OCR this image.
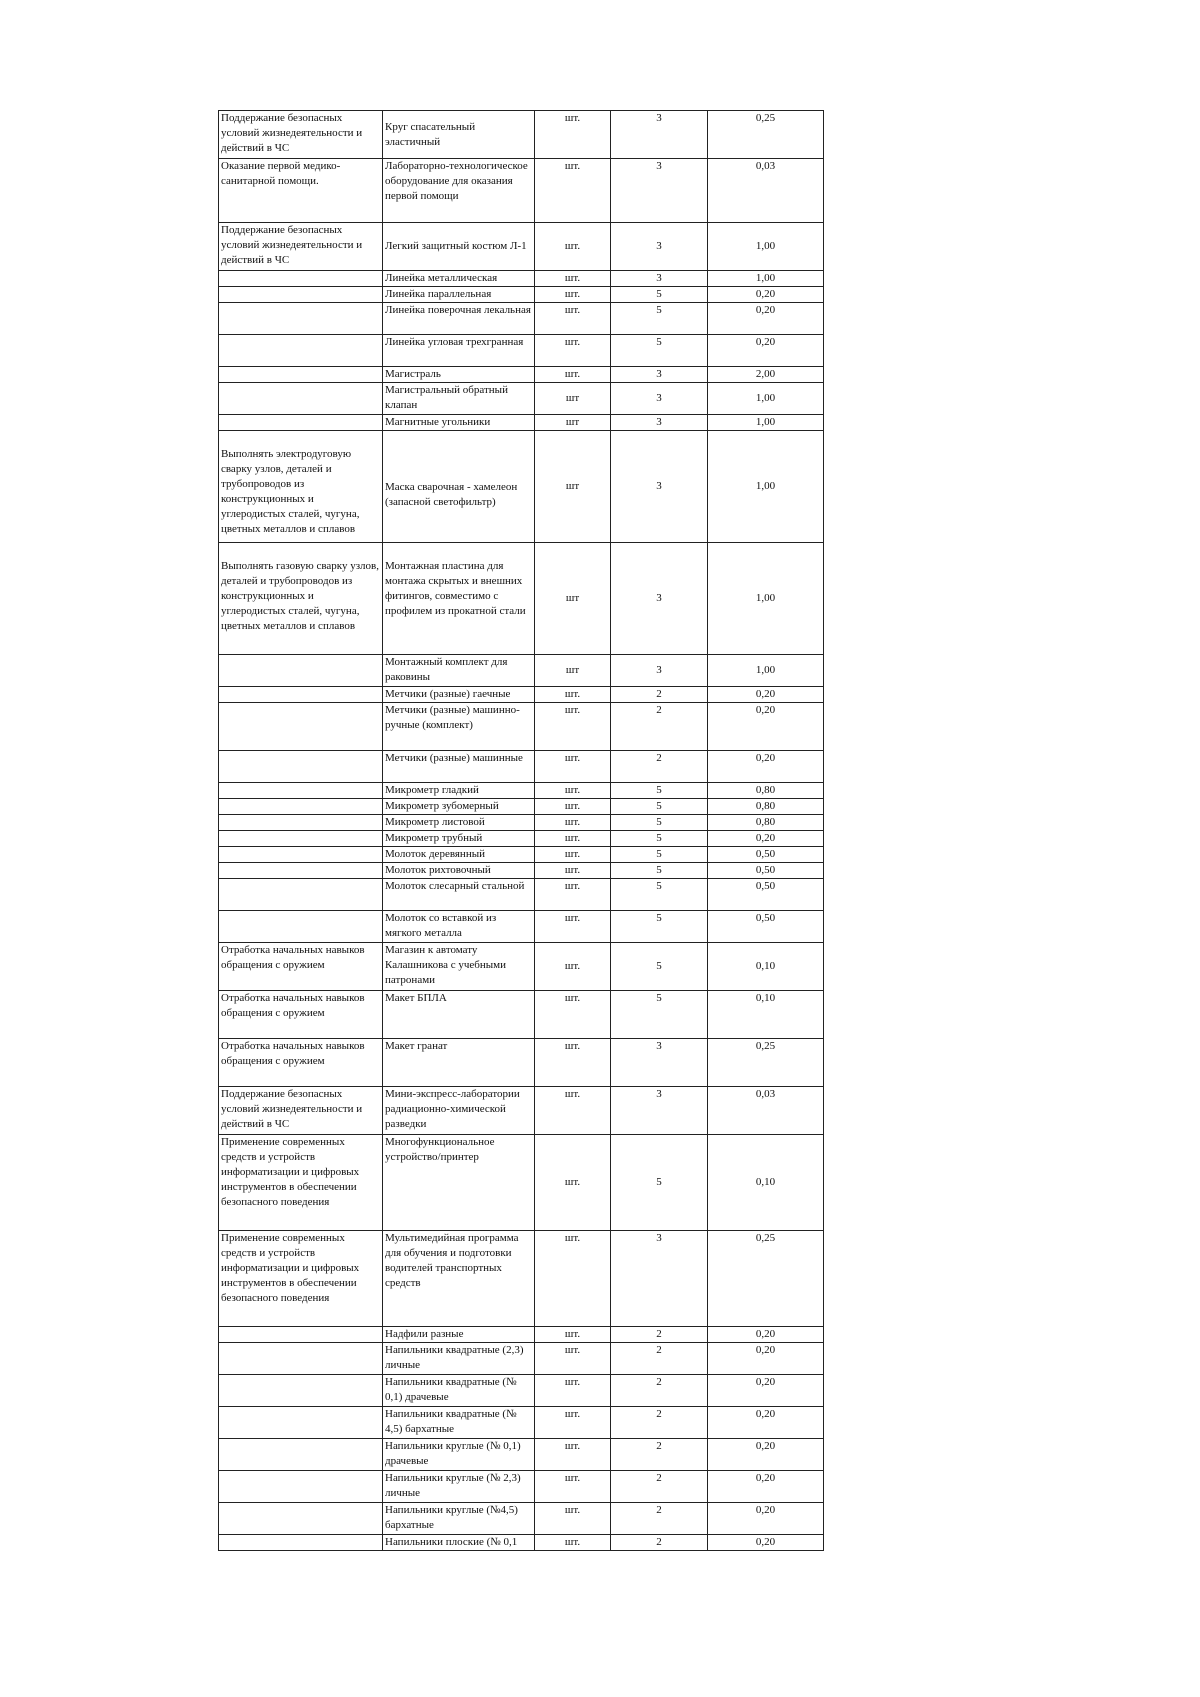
Поддержание безопасных условий жизнедеятельности и действий в ЧС	Круг спасательный эластичный	шт.	3	0,25
Оказание первой медико-санитарной помощи.	Лабораторно-технологическое оборудование для оказания первой помощи	шт.	3	0,03
Поддержание безопасных условий жизнедеятельности и действий в ЧС	Легкий защитный костюм Л-1	шт.	3	1,00
	Линейка металлическая	шт.	3	1,00
	Линейка параллельная	шт.	5	0,20
	Линейка поверочная лекальная	шт.	5	0,20
	Линейка угловая трехгранная	шт.	5	0,20
	Магистраль	шт.	3	2,00
	Магистральный обратный клапан	шт	3	1,00
	Магнитные угольники	шт	3	1,00
Выполнять электродуговую сварку узлов, деталей и трубопроводов из конструкционных и углеродистых сталей, чугуна, цветных металлов и сплавов	Маска сварочная - хамелеон (запасной светофильтр)	шт	3	1,00
Выполнять газовую сварку узлов, деталей и трубопроводов из конструкционных и углеродистых сталей, чугуна, цветных металлов и сплавов	Монтажная пластина для монтажа скрытых и внешних фитингов, совместимо с профилем из прокатной стали	шт	3	1,00
	Монтажный комплект для раковины	шт	3	1,00
	Метчики (разные) гаечные	шт.	2	0,20
	Метчики (разные) машинно-ручные (комплект)	шт.	2	0,20
	Метчики (разные) машинные	шт.	2	0,20
	Микрометр гладкий	шт.	5	0,80
	Микрометр зубомерный	шт.	5	0,80
	Микрометр листовой	шт.	5	0,80
	Микрометр трубный	шт.	5	0,20
	Молоток деревянный	шт.	5	0,50
	Молоток рихтовочный	шт.	5	0,50
	Молоток слесарный стальной	шт.	5	0,50
	Молоток со вставкой из мягкого металла	шт.	5	0,50
Отработка начальных навыков обращения с оружием	Магазин к автомату Калашникова с учебными патронами	шт.	5	0,10
Отработка начальных навыков обращения с оружием	Макет БПЛА	шт.	5	0,10
Отработка начальных навыков обращения с оружием	Макет гранат	шт.	3	0,25
Поддержание безопасных условий жизнедеятельности и действий в ЧС	Мини-экспресс-лаборатории радиационно-химической разведки	шт.	3	0,03
Применение современных средств и устройств информатизации и цифровых инструментов в обеспечении безопасного поведения	Многофункциональное устройство/принтер	шт.	5	0,10
Применение современных средств и устройств информатизации и цифровых инструментов в обеспечении безопасного поведения	Мультимедийная программа для обучения и подготовки водителей транспортных средств	шт.	3	0,25
	Надфили разные	шт.	2	0,20
	Напильники квадратные (2,3) личные	шт.	2	0,20
	Напильники квадратные (№ 0,1) драчевые	шт.	2	0,20
	Напильники квадратные (№ 4,5) бархатные	шт.	2	0,20
	Напильники круглые (№ 0,1) драчевые	шт.	2	0,20
	Напильники круглые (№ 2,3) личные	шт.	2	0,20
	Напильники круглые (№4,5) бархатные	шт.	2	0,20
	Напильники плоские (№ 0,1	шт.	2	0,20
